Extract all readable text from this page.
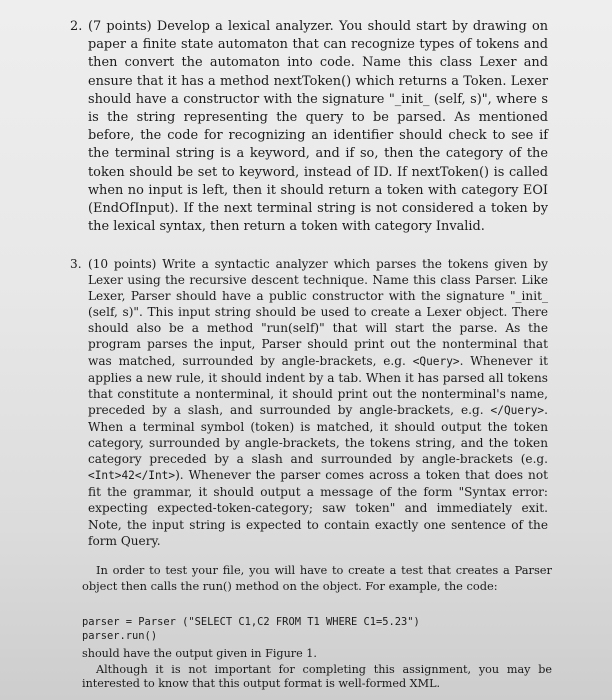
2. (7 points) Develop a lexical analyzer. You should start by drawing on paper a finite state automaton that can recognize types of tokens and then convert the automaton into code. Name this class Lexer and ensure that it has a method nextToken() which returns a Token. Lexer should have a constructor with the signature "_init_ (self, s)", where s is the string representing the query to be parsed. As mentioned before, the code for recognizing an identifier should check to see if the terminal string is a keyword, and if so, then the category of the token should be set to keyword, instead of ID. If nextToken() is called when no input is left, then it should return a token with category EOI (EndOfInput). If the next terminal string is not considered a token by the lexical syntax, then return a token with category Invalid.
3. (10 points) Write a syntactic analyzer which parses the tokens given by Lexer using the recursive descent technique. Name this class Parser. Like Lexer, Parser should have a public constructor with the signature "_init_ (self, s)". This input string should be used to create a Lexer object. There should also be a method "run(self)" that will start the parse. As the program parses the input, Parser should print out the nonterminal that was matched, surrounded by angle-brackets, e.g. <Query>. Whenever it applies a new rule, it should indent by a tab. When it has parsed all tokens that constitute a nonterminal, it should print out the nonterminal's name, preceded by a slash, and surrounded by angle-brackets, e.g. </Query>. When a terminal symbol (token) is matched, it should output the token category, surrounded by angle-brackets, the tokens string, and the token category preceded by a slash and surrounded by angle-brackets (e.g. <Int>42</Int>). Whenever the parser comes across a token that does not fit the grammar, it should output a message of the form "Syntax error: expecting expected-token-category; saw token" and immediately exit. Note, the input string is expected to contain exactly one sentence of the form Query.
In order to test your file, you will have to create a test that creates a Parser object then calls the run() method on the object. For example, the code:
parser = Parser ("SELECT C1,C2 FROM T1 WHERE C1=5.23")
parser.run()
should have the output given in Figure 1.
Although it is not important for completing this assignment, you may be interested to know that this output format is well-formed XML.
